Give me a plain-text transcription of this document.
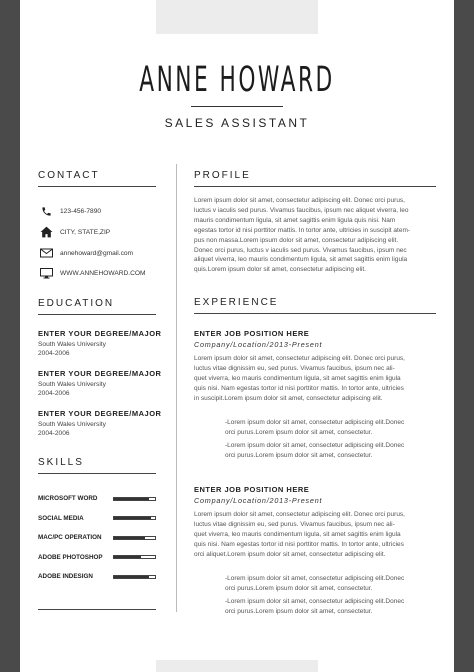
ANNE HOWARD
SALES ASSISTANT
CONTACT
123-456-7890
CITY, STATE,ZIP
annehoward@gmail.com
WWW.ANNEHOWARD.COM
EDUCATION
ENTER YOUR DEGREE/MAJOR
South Wales University
2004-2006
ENTER YOUR DEGREE/MAJOR
South Wales University
2004-2006
ENTER YOUR DEGREE/MAJOR
South Wales University
2004-2006
SKILLS
MICROSOFT WORD
SOCIAL MEDIA
MAC/PC OPERATION
ADOBE PHOTOSHOP
ADOBE INDESIGN
PROFILE
Lorem ipsum dolor sit amet, consectetur adipiscing elit. Donec orci purus,
luctus v iaculis sed purus. Vivamus faucibus, ipsum nec aliquet viverra, leo
mauris condimentum ligula, sit amet sagittis enim ligula quis nisi. Nam
egestas tortor id nisi porttitor mattis. In tortor ante, ultricies in suscipit atem-
pus non massa.Lorem ipsum dolor sit amet, consectetur adipiscing elit.
Donec orci purus, luctus v iaculis sed purus. Vivamus faucibus, ipsum nec
aliquet viverra, leo mauris condimentum ligula, sit amet sagittis enim ligula
quis.Lorem ipsum dolor sit amet, consectetur adipiscing elit.
EXPERIENCE
ENTER JOB POSITION HERE
Company/Location/2013-Present
Lorem ipsum dolor sit amet, consectetur adipiscing elit. Donec orci purus,
luctus vitae dignissim eu, sed purus. Vivamus faucibus, ipsum nec ali-
quet viverra, leo mauris condimentum ligula, sit amet sagittis enim ligula
quis nisi. Nam egestas tortor id nisi porttitor mattis. In tortor ante, ultricies
in suscipit.Lorem ipsum dolor sit amet, consectetur adipiscing elit.
-Lorem ipsum dolor sit amet, consectetur adipiscing elit.Donec
orci purus.Lorem ipsum dolor sit amet, consectetur.
-Lorem ipsum dolor sit amet, consectetur adipiscing elit.Donec
orci purus.Lorem ipsum dolor sit amet, consectetur.
ENTER JOB POSITION HERE
Company/Location/2013-Present
Lorem ipsum dolor sit amet, consectetur adipiscing elit. Donec orci purus,
luctus vitae dignissim eu, sed purus. Vivamus faucibus, ipsum nec ali-
quet viverra, leo mauris condimentum ligula, sit amet sagittis enim ligula
quis nisi. Nam egestas tortor id nisi porttitor mattis. In tortor ante, ultricies
orci aliquet.Lorem ipsum dolor sit amet, consectetur adipiscing elit.
-Lorem ipsum dolor sit amet, consectetur adipiscing elit.Donec
orci purus.Lorem ipsum dolor sit amet, consectetur.
-Lorem ipsum dolor sit amet, consectetur adipiscing elit.Donec
orci purus.Lorem ipsum dolor sit amet, consectetur.
